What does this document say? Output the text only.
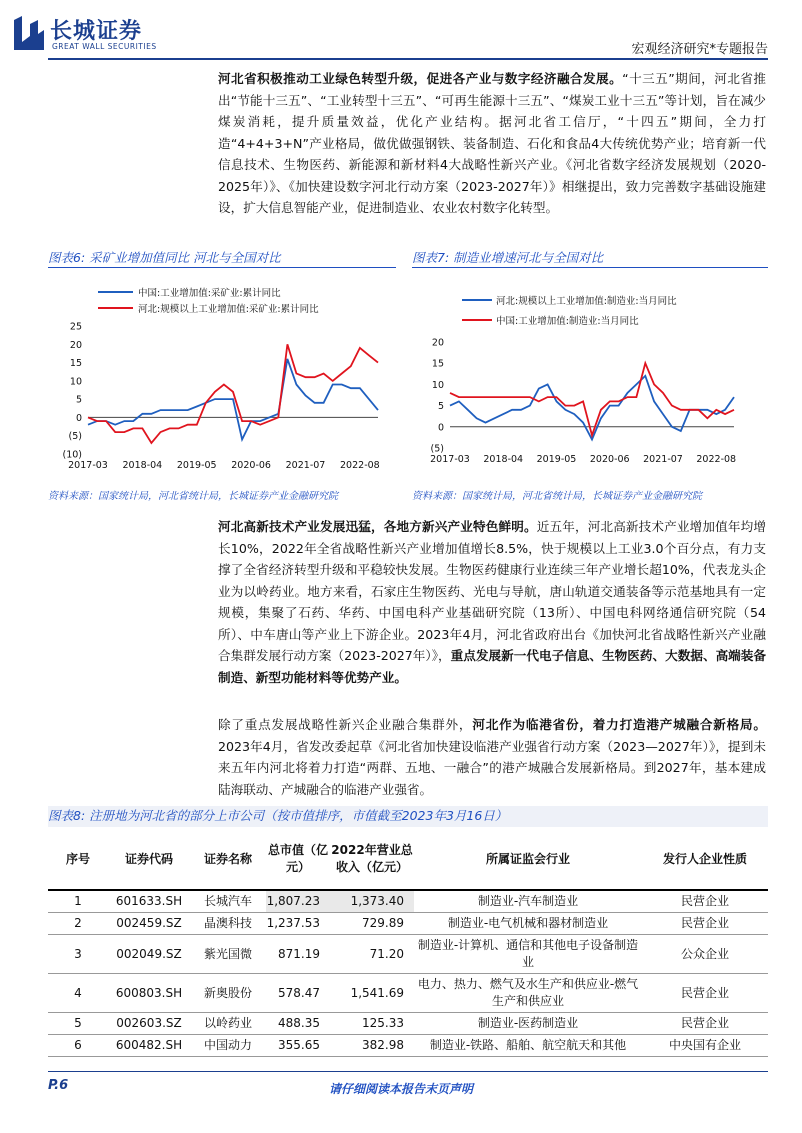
长城证券
GREAT WALL SECURITIES	宏观经济研究*专题报告
河北省积极推动工业绿色转型升级，促进各产业与数字经济融合发展。“十三五”期间，河北省推出“节能十三五”、“工业转型十三五”、“可再生能源十三五”、“煤炭工业十三五”等计划，旨在减少煤炭消耗，提升质量效益，优化产业结构。据河北省工信厅，“十四五”期间，全力打造“4+4+3+N”产业格局，做优做强钢铁、装备制造、石化和食品4大传统优势产业；培育新一代信息技术、生物医药、新能源和新材料4大战略性新兴产业。《河北省数字经济发展规划（2020-2025年）》、《加快建设数字河北行动方案（2023-2027年）》相继提出，致力完善数字基础设施建设，扩大信息智能产业，促进制造业、农业农村数字化转型。
图表6: 采矿业增加值同比 河北与全国对比
中国:工业增加值:采矿业:累计同比
河北:规模以上工业增加值:采矿业:累计同比
25
20
15
10
5
0
(5)
(10)
2017-03 2018-04 2019-05 2020-06 2021-07 2022-08
资料来源：国家统计局，河北省统计局，长城证券产业金融研究院
图表7: 制造业增速河北与全国对比
河北:规模以上工业增加值:制造业:当月同比
中国:工业增加值:制造业:当月同比
20
15
10
5
0
(5)
2017-03 2018-04 2019-05 2020-06 2021-07 2022-08
资料来源：国家统计局，河北省统计局，长城证券产业金融研究院
河北高新技术产业发展迅猛，各地方新兴产业特色鲜明。近五年，河北高新技术产业增加值年均增长10%，2022年全省战略性新兴产业增加值增长8.5%，快于规模以上工业3.0个百分点，有力支撑了全省经济转型升级和平稳较快发展。生物医药健康行业连续三年产业增长超10%，代表龙头企业为以岭药业。地方来看，石家庄生物医药、光电与导航，唐山轨道交通装备等示范基地具有一定规模，集聚了石药、华药、中国电科产业基础研究院（13所）、中国电科网络通信研究院（54所）、中车唐山等产业上下游企业。2023年4月，河北省政府出台《加快河北省战略性新兴产业融合集群发展行动方案（2023-2027年）》，重点发展新一代电子信息、生物医药、大数据、高端装备制造、新型功能材料等优势产业。
除了重点发展战略性新兴企业融合集群外，河北作为临港省份，着力打造港产城融合新格局。2023年4月，省发改委起草《河北省加快建设临港产业强省行动方案（2023—2027年）》，提到未来五年内河北将着力打造“两群、五地、一融合”的港产城融合发展新格局。到2027年，基本建成陆海联动、产城融合的临港产业强省。
图表8: 注册地为河北省的部分上市公司（按市值排序，市值截至2023年3月16日）
序号	证券代码	证券名称	总市值（亿元）	2022年营业总收入（亿元）	所属证监会行业	发行人企业性质
1	601633.SH	长城汽车	1,807.23	1,373.40	制造业-汽车制造业	民营企业
2	002459.SZ	晶澳科技	1,237.53	729.89	制造业-电气机械和器材制造业	民营企业
3	002049.SZ	紫光国微	871.19	71.20	制造业-计算机、通信和其他电子设备制造业	公众企业
4	600803.SH	新奥股份	578.47	1,541.69	电力、热力、燃气及水生产和供应业-燃气生产和供应业	民营企业
5	002603.SZ	以岭药业	488.35	125.33	制造业-医药制造业	民营企业
6	600482.SH	中国动力	355.65	382.98	制造业-铁路、船舶、航空航天和其他	中央国有企业
P.6	请仔细阅读本报告末页声明
